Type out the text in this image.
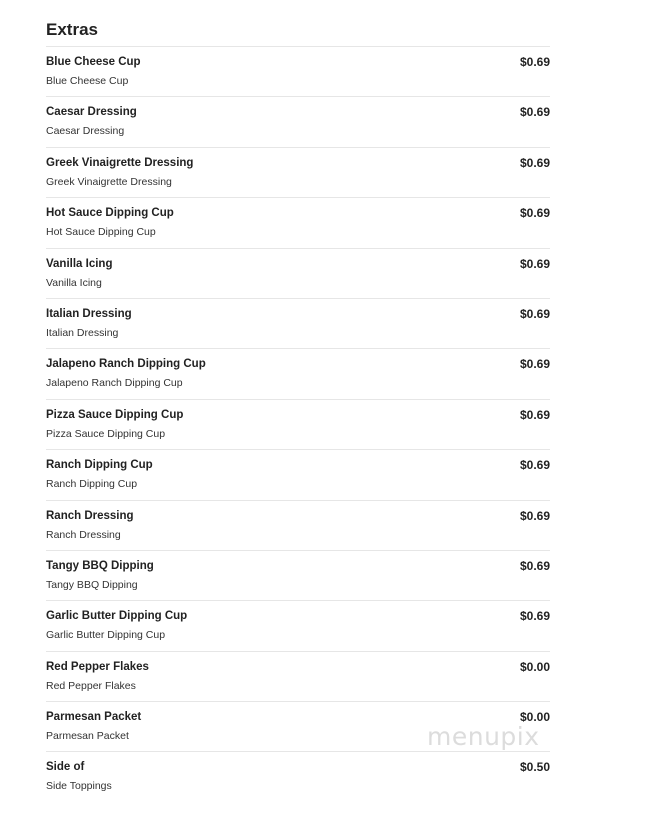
Extras
Blue Cheese Cup
Blue Cheese Cup
$0.69
Caesar Dressing
Caesar Dressing
$0.69
Greek Vinaigrette Dressing
Greek Vinaigrette Dressing
$0.69
Hot Sauce Dipping Cup
Hot Sauce Dipping Cup
$0.69
Vanilla Icing
Vanilla Icing
$0.69
Italian Dressing
Italian Dressing
$0.69
Jalapeno Ranch Dipping Cup
Jalapeno Ranch Dipping Cup
$0.69
Pizza Sauce Dipping Cup
Pizza Sauce Dipping Cup
$0.69
Ranch Dipping Cup
Ranch Dipping Cup
$0.69
Ranch Dressing
Ranch Dressing
$0.69
Tangy BBQ Dipping
Tangy BBQ Dipping
$0.69
Garlic Butter Dipping Cup
Garlic Butter Dipping Cup
$0.69
Red Pepper Flakes
Red Pepper Flakes
$0.00
Parmesan Packet
Parmesan Packet
$0.00
Side of
Side Toppings
$0.50
menupix
